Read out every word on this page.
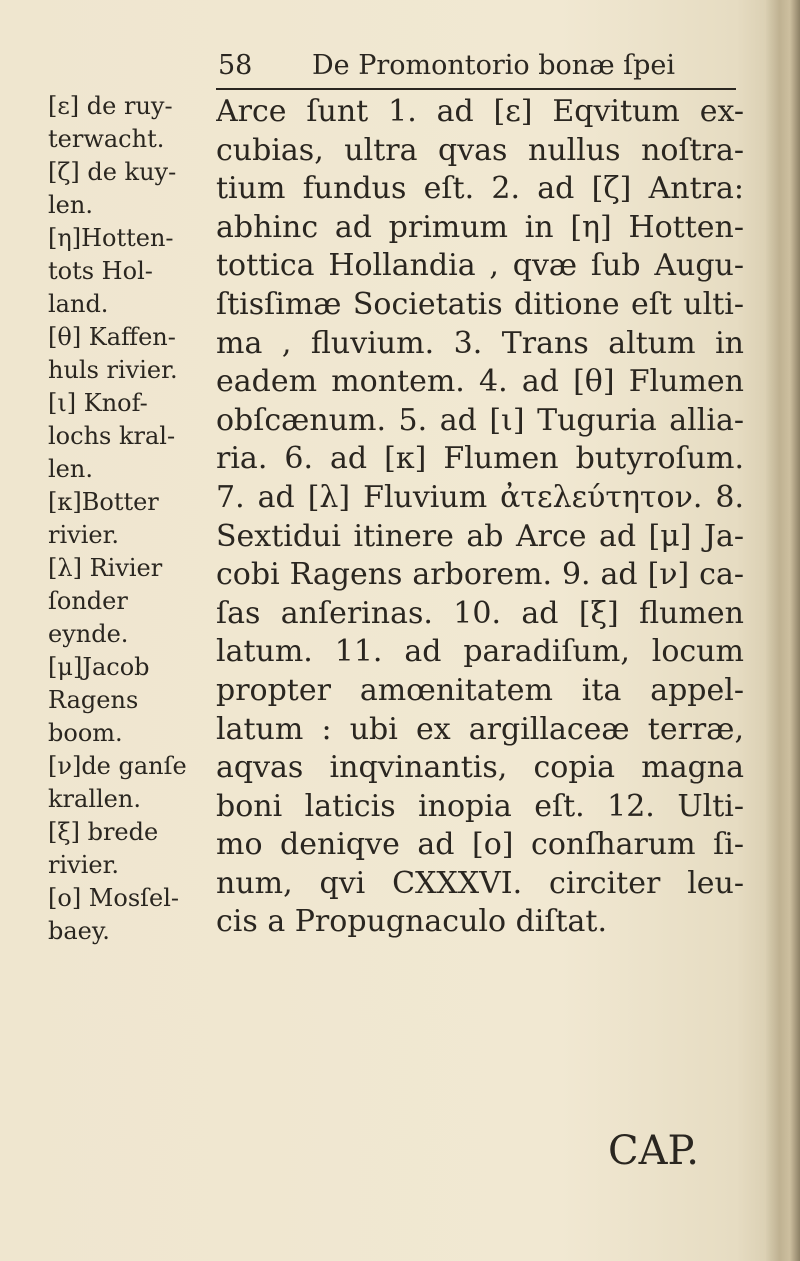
58 De Promontorio bonæ ſpei
[ε] de ruy-
terwacht.
[ζ] de kuy-
len.
[η]Hotten-
tots Hol-
land.
[θ] Kaffen-
huls rivier.
[ι] Knof-
lochs kral-
len.
[κ]Botter
rivier.
[λ] Rivier
ſonder
eynde.
[μ]Jacob
Ragens
boom.
[ν]de ganſe
krallen.
[ξ] brede
rivier.
[ο] Mosſel-
baey.
Arce ſunt 1. ad [ε] Eqvitum ex-
cubias, ultra qvas nullus noſtra-
tium fundus eſt. 2. ad [ζ] Antra:
abhinc ad primum in [η] Hotten-
tottica Hollandia , qvæ ſub Augu-
ſtisſimæ Societatis ditione eſt ulti-
ma , fluvium. 3. Trans altum in
eadem montem. 4. ad [θ] Flumen
obſcænum. 5. ad [ι] Tuguria allia-
ria. 6. ad [κ] Flumen butyroſum.
7. ad [λ] Fluvium ἀτελεύτητον. 8.
Sextidui itinere ab Arce ad [μ] Ja-
cobi Ragens arborem. 9. ad [ν] ca-
ſas anſerinas. 10. ad [ξ] flumen
latum. 11. ad paradiſum, locum
propter amœnitatem ita appel-
latum : ubi ex argillaceæ terræ,
aqvas inqvinantis, copia magna
boni laticis inopia eſt. 12. Ulti-
mo deniqve ad [ο] conſharum ſi-
num, qvi CXXXVI. circiter leu-
cis a Propugnaculo diſtat.
CAP.
